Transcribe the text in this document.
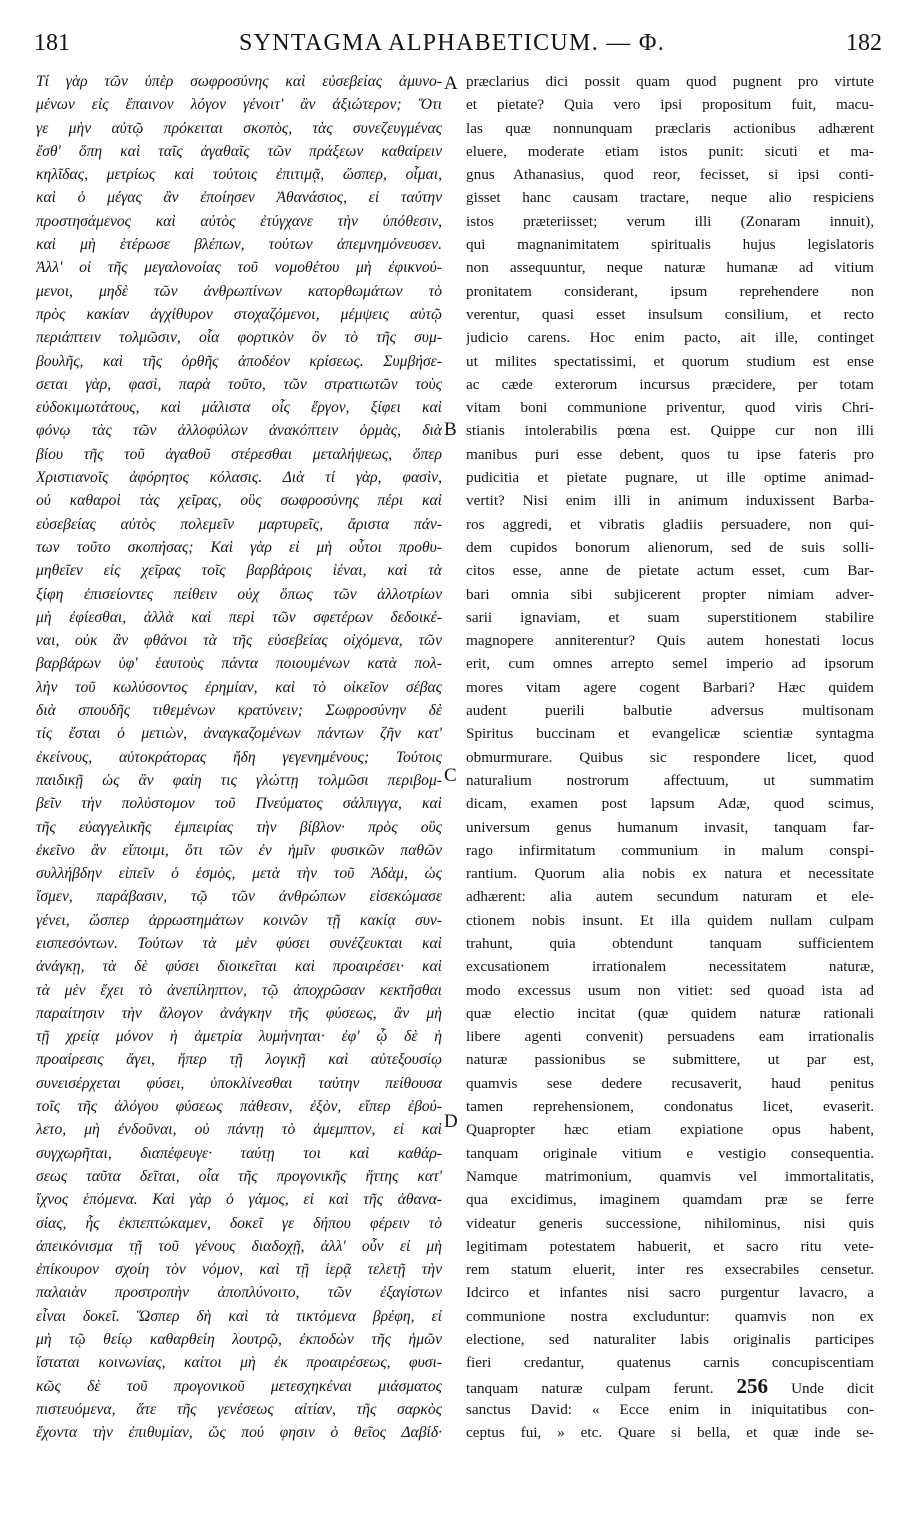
181	SYNTAGMA ALPHABETICUM. — Φ.	182
Τί γὰρ τῶν ὑπὲρ σωφροσύνης καὶ εὐσεβείας ἀμυνο-
μένων εἰς ἔπαινον λόγον γένοιτ' ἂν ἀξιώτερον; Ὅτι
γε μὴν αὐτῷ πρόκειται σκοπὸς, τὰς συνεζευγμένας
ἔσθ' ὅπη καὶ ταῖς ἀγαθαῖς τῶν πράξεων καθαίρειν
κηλῖδας, μετρίως καὶ τούτοις ἐπιτιμᾷ, ὥσπερ, οἶμαι,
καὶ ὁ μέγας ἂν ἐποίησεν Ἀθανάσιος, εἰ ταύτην
προστησάμενος καὶ αὐτὸς ἐτύγχανε τὴν ὑπόθεσιν,
καὶ μὴ ἑτέρωσε βλέπων, τούτων ἀπεμνημόνευσεν.
Ἀλλ' οἱ τῆς μεγαλονοίας τοῦ νομοθέτου μὴ ἐφικνού-
μενοι, μηδὲ τῶν ἀνθρωπίνων κατορθωμάτων τὸ
πρὸς κακίαν ἀγχίθυρον στοχαζόμενοι, μέμψεις αὐτῷ
περιάπτειν τολμῶσιν, οἷα φορτικὸν ὂν τὸ τῆς συμ-
βουλῆς, καὶ τῆς ὀρθῆς ἀποδέον κρίσεως. Συμβήσε-
σεται γὰρ, φασὶ, παρὰ τοῦτο, τῶν στρατιωτῶν τοὺς
εὐδοκιμωτάτους, καὶ μάλιστα οἷς ἔργον, ξίφει καὶ
φόνῳ τὰς τῶν ἀλλοφύλων ἀνακόπτειν ὁρμὰς, διὰ
βίου τῆς τοῦ ἀγαθοῦ στέρεσθαι μεταλήψεως, ὅπερ
Χριστιανοῖς ἀφόρητος κόλασις. Διὰ τί γὰρ, φασὶν,
οὐ καθαροὶ τὰς χεῖρας, οὓς σωφροσύνης πέρι καὶ
εὐσεβείας αὐτὸς πολεμεῖν μαρτυρεῖς, ἄριστα πάν-
των τοῦτο σκοπήσας; Καὶ γὰρ εἰ μὴ οὗτοι προθυ-
μηθεῖεν εἰς χεῖρας τοῖς βαρβάροις ἰέναι, καὶ τὰ
ξίφη ἐπισείοντες πείθειν οὐχ ὅπως τῶν ἀλλοτρίων
μὴ ἐφίεσθαι, ἀλλὰ καὶ περὶ τῶν σφετέρων δεδοικέ-
ναι, οὐκ ἂν φθάνοι τὰ τῆς εὐσεβείας οἰχόμενα, τῶν
βαρβάρων ὑφ' ἑαυτοὺς πάντα ποιουμένων κατὰ πολ-
λὴν τοῦ κωλύσοντος ἐρημίαν, καὶ τὸ οἰκεῖον σέβας
διὰ σπουδῆς τιθεμένων κρατύνειν; Σωφροσύνην δὲ
τίς ἔσται ὁ μετιὼν, ἀναγκαζομένων πάντων ζῆν κατ'
ἐκείνους, αὐτοκράτορας ἤδη γεγενημένους; Τούτοις
παιδικῇ ὡς ἂν φαίη τις γλώττῃ τολμῶσι περιβομ-
βεῖν τὴν πολύστομον τοῦ Πνεύματος σάλπιγγα, καὶ
τῆς εὐαγγελικῆς ἐμπειρίας τὴν βίβλον· πρὸς οὓς
ἐκεῖνο ἂν εἴποιμι, ὅτι τῶν ἐν ἡμῖν φυσικῶν παθῶν
συλλήβδην εἰπεῖν ὁ ἑσμὸς, μετὰ τὴν τοῦ Ἀδὰμ, ὡς
ἴσμεν, παράβασιν, τῷ τῶν ἀνθρώπων εἰσεκώμασε
γένει, ὥσπερ ἀρρωστημάτων κοινῶν τῇ κακίᾳ συν-
εισπεσόντων. Τούτων τὰ μὲν φύσει συνέζευκται καὶ
ἀνάγκῃ, τὰ δὲ φύσει διοικεῖται καὶ προαιρέσει· καὶ
τὰ μὲν ἔχει τὸ ἀνεπίληπτον, τῷ ἀποχρῶσαν κεκτῆσθαι
παραίτησιν τὴν ἄλογον ἀνάγκην τῆς φύσεως, ἂν μὴ
τῇ χρείᾳ μόνον ἡ ἀμετρία λυμήνηται· ἐφ' ᾧ δὲ ἡ
προαίρεσις ἄγει, ἥπερ τῇ λογικῇ καὶ αὐτεξουσίῳ
συνεισέρχεται φύσει, ὑποκλίνεσθαι ταύτην πείθουσα
τοῖς τῆς ἀλόγου φύσεως πάθεσιν, ἐξὸν, εἴπερ ἐβού-
λετο, μὴ ἐνδοῦναι, οὐ πάντῃ τὸ ἀμεμπτον, εἰ καὶ
συγχωρῆται, διαπέφευγε· ταύτῃ τοι καὶ καθάρ-
σεως ταῦτα δεῖται, οἷα τῆς προγονικῆς ἥττης κατ'
ἴχνος ἑπόμενα. Καὶ γὰρ ὁ γάμος, εἰ καὶ τῆς ἀθανα-
σίας, ἧς ἐκπεπτώκαμεν, δοκεῖ γε δήπου φέρειν τὸ
ἀπεικόνισμα τῇ τοῦ γένους διαδοχῇ, ἀλλ' οὖν εἰ μὴ
ἐπίκουρον σχοίη τὸν νόμον, καὶ τῇ ἱερᾷ τελετῇ τὴν
παλαιὰν προστροπὴν ἀποπλύνοιτο, τῶν ἐξαγίστων
εἶναι δοκεῖ. Ὥσπερ δὴ καὶ τὰ τικτόμενα βρέφη, εἰ
μὴ τῷ θείῳ καθαρθείη λουτρῷ, ἐκποδὼν τῆς ἡμῶν
ἵσταται κοινωνίας, καίτοι μὴ ἐκ προαιρέσεως, φυσι-
κῶς δὲ τοῦ προγονικοῦ μετεσχηκέναι μιάσματος
πιστευόμενα, ἅτε τῆς γενέσεως αἰτίαν, τῆς σαρκὸς
ἔχοντα τὴν ἐπιθυμίαν, ὥς πού φησιν ὁ θεῖος Δαβίδ·
præclarius dici possit quam quod pugnent pro virtute
et pietate? Quia vero ipsi propositum fuit, macu-
las quæ nonnunquam præclaris actionibus adhærent
eluere, moderate etiam istos punit: sicuti et ma-
gnus Athanasius, quod reor, fecisset, si ipsi conti-
gisset hanc causam tractare, neque alio respiciens
istos præteriisset; verum illi (Zonaram innuit),
qui magnanimitatem spiritualis hujus legislatoris
non assequuntur, neque naturæ humanæ ad vitium
pronitatem considerant, ipsum reprehendere non
verentur, quasi esset insulsum consilium, et recto
judicio carens. Hoc enim pacto, ait ille, continget
ut milites spectatissimi, et quorum studium est ense
ac cæde exterorum incursus præcidere, per totam
vitam boni communione priventur, quod viris Chri-
stianis intolerabilis pœna est. Quippe cur non illi
manibus puri esse debent, quos tu ipse fateris pro
pudicitia et pietate pugnare, ut ille optime animad-
vertit? Nisi enim illi in animum induxissent Barba-
ros aggredi, et vibratis gladiis persuadere, non qui-
dem cupidos bonorum alienorum, sed de suis solli-
citos esse, anne de pietate actum esset, cum Bar-
bari omnia sibi subjicerent propter nimiam adver-
sarii ignaviam, et suam superstitionem stabilire
magnopere anniterentur? Quis autem honestati locus
erit, cum omnes arrepto semel imperio ad ipsorum
mores vitam agere cogent Barbari? Hæc quidem
audent puerili balbutie adversus multisonam
Spiritus buccinam et evangelicæ scientiæ syntagma
obmurmurare. Quibus sic respondere licet, quod
naturalium nostrorum affectuum, ut summatim
dicam, examen post lapsum Adæ, quod scimus,
universum genus humanum invasit, tanquam far-
rago infirmitatum communium in malum conspi-
rantium. Quorum alia nobis ex natura et necessitate
adhærent: alia autem secundum naturam et ele-
ctionem nobis insunt. Et illa quidem nullam culpam
trahunt, quia obtendunt tanquam sufficientem
excusationem irrationalem necessitatem naturæ,
modo excessus usum non vitiet: sed quoad ista ad
quæ electio incitat (quæ quidem naturæ rationali
libere agenti convenit) persuadens eam irrationalis
naturæ passionibus se submittere, ut par est,
quamvis sese dedere recusaverit, haud penitus
tamen reprehensionem, condonatus licet, evaserit.
Quapropter hæc etiam expiatione opus habent,
tanquam originale vitium e vestigio consequentia.
Namque matrimonium, quamvis vel immortalitatis,
qua excidimus, imaginem quamdam præ se ferre
videatur generis successione, nihilominus, nisi quis
legitimam potestatem habuerit, et sacro ritu vete-
rem statum eluerit, inter res exsecrabiles censetur.
Idcirco et infantes nisi sacro purgentur lavacro, a
communione nostra excluduntur: quamvis non ex
electione, sed naturaliter labis originalis participes
fieri credantur, quatenus carnis concupiscentiam
tanquam naturæ culpam ferunt. 256 Unde dicit
sanctus David: « Ecce enim in iniquitatibus con-
ceptus fui, » etc. Quare si bella, et quæ inde se-
A
B
C
D
